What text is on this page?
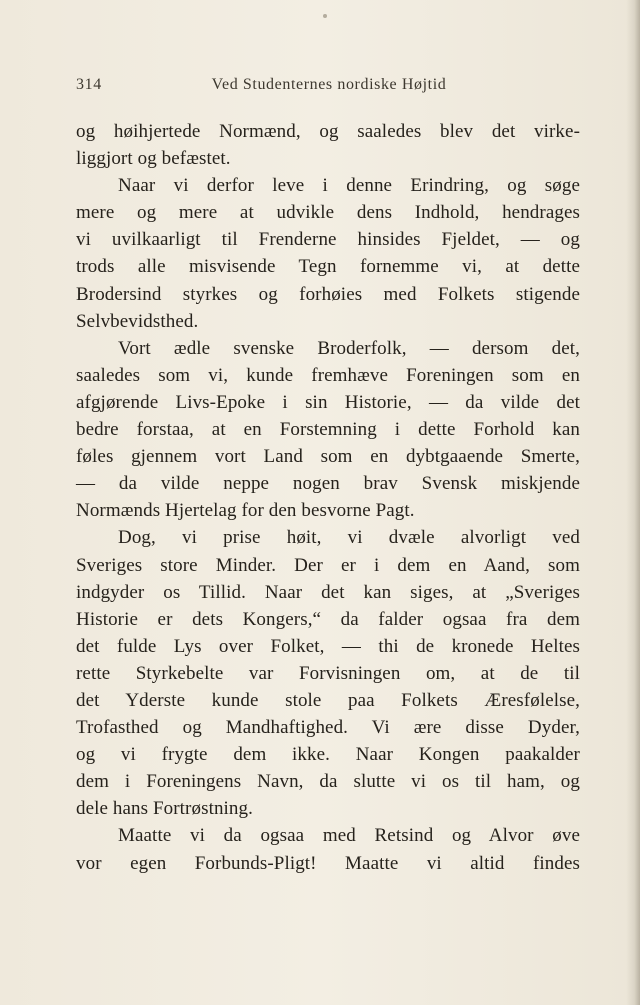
314	Ved Studenternes nordiske Højtid
og høihjertede Normænd, og saaledes blev det virke-
liggjort og befæstet.
Naar vi derfor leve i denne Erindring, og søge
mere og mere at udvikle dens Indhold, hendrages
vi uvilkaarligt til Frenderne hinsides Fjeldet, — og
trods alle misvisende Tegn fornemme vi, at dette
Brodersind styrkes og forhøies med Folkets stigende
Selvbevidsthed.
Vort ædle svenske Broderfolk, — dersom det,
saaledes som vi, kunde fremhæve Foreningen som en
afgjørende Livs-Epoke i sin Historie, — da vilde det
bedre forstaa, at en Forstemning i dette Forhold kan
føles gjennem vort Land som en dybtgaaende Smerte,
— da vilde neppe nogen brav Svensk miskjende
Normænds Hjertelag for den besvorne Pagt.
Dog, vi prise høit, vi dvæle alvorligt ved
Sveriges store Minder. Der er i dem en Aand, som
indgyder os Tillid. Naar det kan siges, at „Sveriges
Historie er dets Kongers,“ da falder ogsaa fra dem
det fulde Lys over Folket, — thi de kronede Heltes
rette Styrkebelte var Forvisningen om, at de til
det Yderste kunde stole paa Folkets Æresfølelse,
Trofasthed og Mandhaftighed. Vi ære disse Dyder,
og vi frygte dem ikke. Naar Kongen paakalder
dem i Foreningens Navn, da slutte vi os til ham, og
dele hans Fortrøstning.
Maatte vi da ogsaa med Retsind og Alvor øve
vor egen Forbunds-Pligt! Maatte vi altid findes
